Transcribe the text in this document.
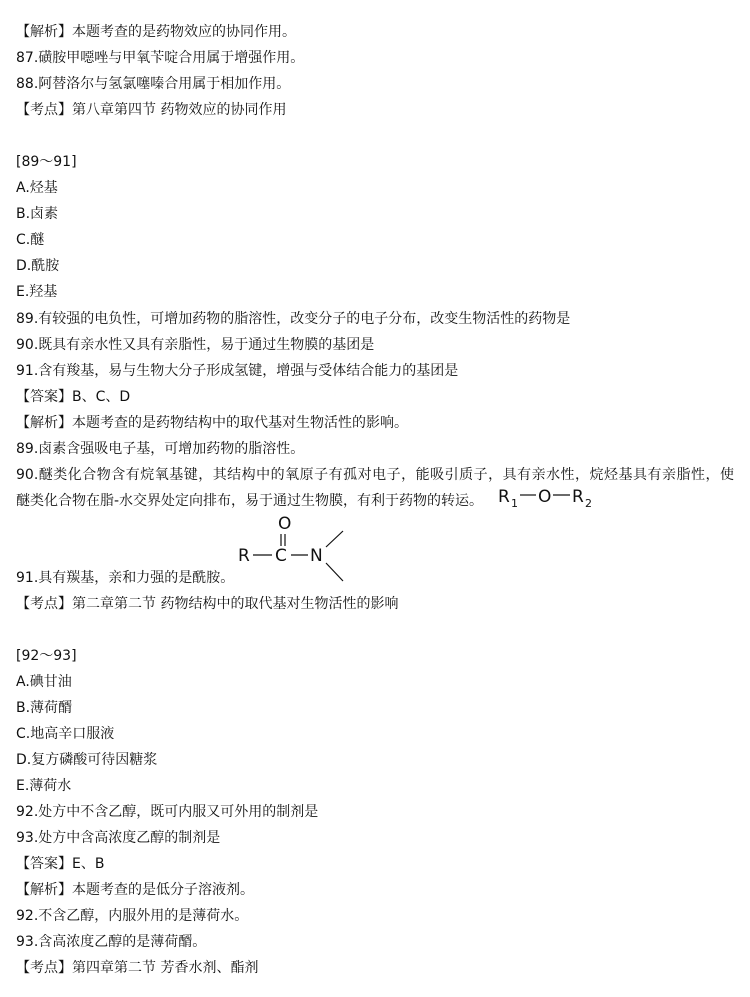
【解析】本题考查的是药物效应的协同作用。
87.磺胺甲噁唑与甲氧苄啶合用属于增强作用。
88.阿替洛尔与氢氯噻嗪合用属于相加作用。
【考点】第八章第四节 药物效应的协同作用
[89～91]
A.烃基
B.卤素
C.醚
D.酰胺
E.羟基
89.有较强的电负性，可增加药物的脂溶性，改变分子的电子分布，改变生物活性的药物是
90.既具有亲水性又具有亲脂性，易于通过生物膜的基团是
91.含有羧基，易与生物大分子形成氢键，增强与受体结合能力的基团是
【答案】B、C、D
【解析】本题考查的是药物结构中的取代基对生物活性的影响。
89.卤素含强吸电子基，可增加药物的脂溶性。
90.醚类化合物含有烷氧基键，其结构中的氧原子有孤对电子，能吸引质子，具有亲水性，烷烃基具有亲脂性，使
醚类化合物在脂-水交界处定向排布，易于通过生物膜，有利于药物的转运。 R 1 O R 2
O
R C N
91.具有羰基，亲和力强的是酰胺。
【考点】第二章第二节 药物结构中的取代基对生物活性的影响
[92～93]
A.碘甘油
B.薄荷醑
C.地高辛口服液
D.复方磷酸可待因糖浆
E.薄荷水
92.处方中不含乙醇，既可内服又可外用的制剂是
93.处方中含高浓度乙醇的制剂是
【答案】E、B
【解析】本题考查的是低分子溶液剂。
92.不含乙醇，内服外用的是薄荷水。
93.含高浓度乙醇的是薄荷醑。
【考点】第四章第二节 芳香水剂、酯剂
